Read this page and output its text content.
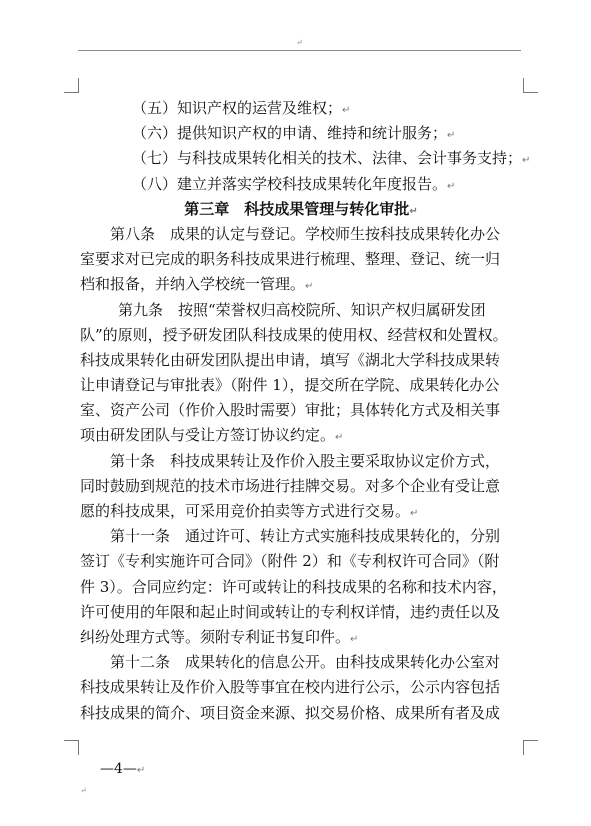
↵
（五）知识产权的运营及维权；↵
（六）提供知识产权的申请、维持和统计服务；↵
（七）与科技成果转化相关的技术、法律、会计事务支持；↵
（八）建立并落实学校科技成果转化年度报告。↵
第三章　科技成果管理与转化审批↵
第八条　成果的认定与登记。学校师生按科技成果转化办公
室要求对已完成的职务科技成果进行梳理、整理、登记、统一归
档和报备，并纳入学校统一管理。↵
第九条　按照“荣誉权归高校院所、知识产权归属研发团
队”的原则，授予研发团队科技成果的使用权、经营权和处置权。
科技成果转化由研发团队提出申请，填写《湖北大学科技成果转
让申请登记与审批表》（附件 1），提交所在学院、成果转化办公
室、资产公司（作价入股时需要）审批；具体转化方式及相关事
项由研发团队与受让方签订协议约定。↵
第十条　科技成果转让及作价入股主要采取协议定价方式，
同时鼓励到规范的技术市场进行挂牌交易。对多个企业有受让意
愿的科技成果，可采用竞价拍卖等方式进行交易。↵
第十一条　通过许可、转让方式实施科技成果转化的，分别
签订《专利实施许可合同》（附件 2）和《专利权许可合同》（附
件 3）。合同应约定：许可或转让的科技成果的名称和技术内容，
许可使用的年限和起止时间或转让的专利权详情，违约责任以及
纠纷处理方式等。须附专利证书复印件。↵
第十二条　成果转化的信息公开。由科技成果转化办公室对
科技成果转让及作价入股等事宜在校内进行公示，公示内容包括
科技成果的简介、项目资金来源、拟交易价格、成果所有者及成
—4—↵
↵
